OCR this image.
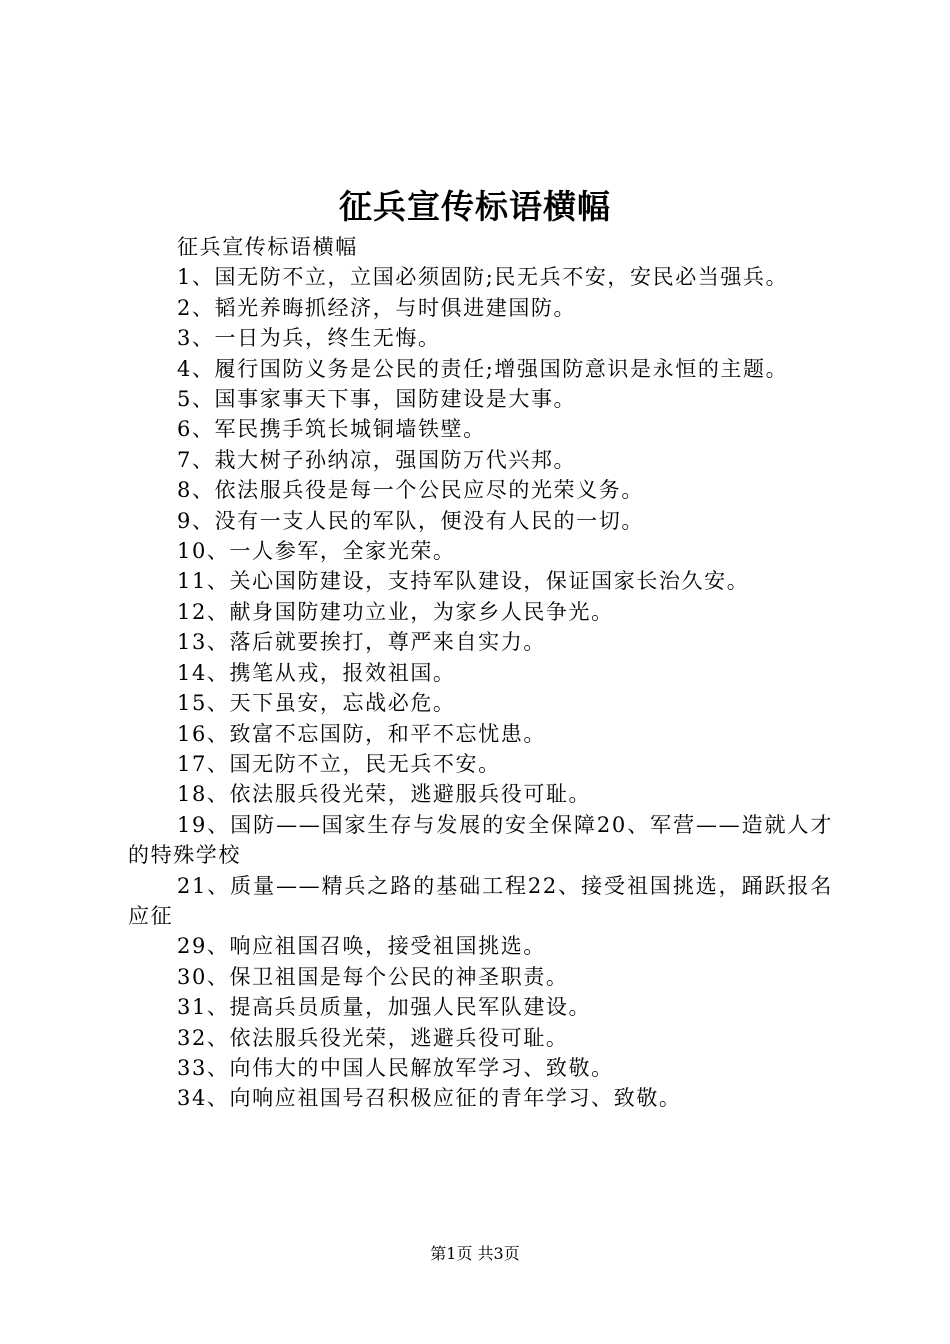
征兵宣传标语横幅

征兵宣传标语横幅

1、国无防不立，立国必须固防;民无兵不安，安民必当强兵。

2、韬光养晦抓经济，与时俱进建国防。

3、一日为兵，终生无悔。

4、履行国防义务是公民的责任;增强国防意识是永恒的主题。

5、国事家事天下事，国防建设是大事。

6、军民携手筑长城铜墙铁壁。

7、栽大树子孙纳凉，强国防万代兴邦。

8、依法服兵役是每一个公民应尽的光荣义务。

9、没有一支人民的军队，便没有人民的一切。

10、一人参军，全家光荣。

11、关心国防建设，支持军队建设，保证国家长治久安。

12、献身国防建功立业，为家乡人民争光。

13、落后就要挨打，尊严来自实力。

14、携笔从戎，报效祖国。

15、天下虽安，忘战必危。

16、致富不忘国防，和平不忘忧患。

17、国无防不立，民无兵不安。

18、依法服兵役光荣，逃避服兵役可耻。

19、国防——国家生存与发展的安全保障20、军营——造就人才的特殊学校

21、质量——精兵之路的基础工程22、接受祖国挑选，踊跃报名应征

29、响应祖国召唤，接受祖国挑选。

30、保卫祖国是每个公民的神圣职责。

31、提高兵员质量，加强人民军队建设。

32、依法服兵役光荣，逃避兵役可耻。

33、向伟大的中国人民解放军学习、致敬。

34、向响应祖国号召积极应征的青年学习、致敬。

第1页 共3页
